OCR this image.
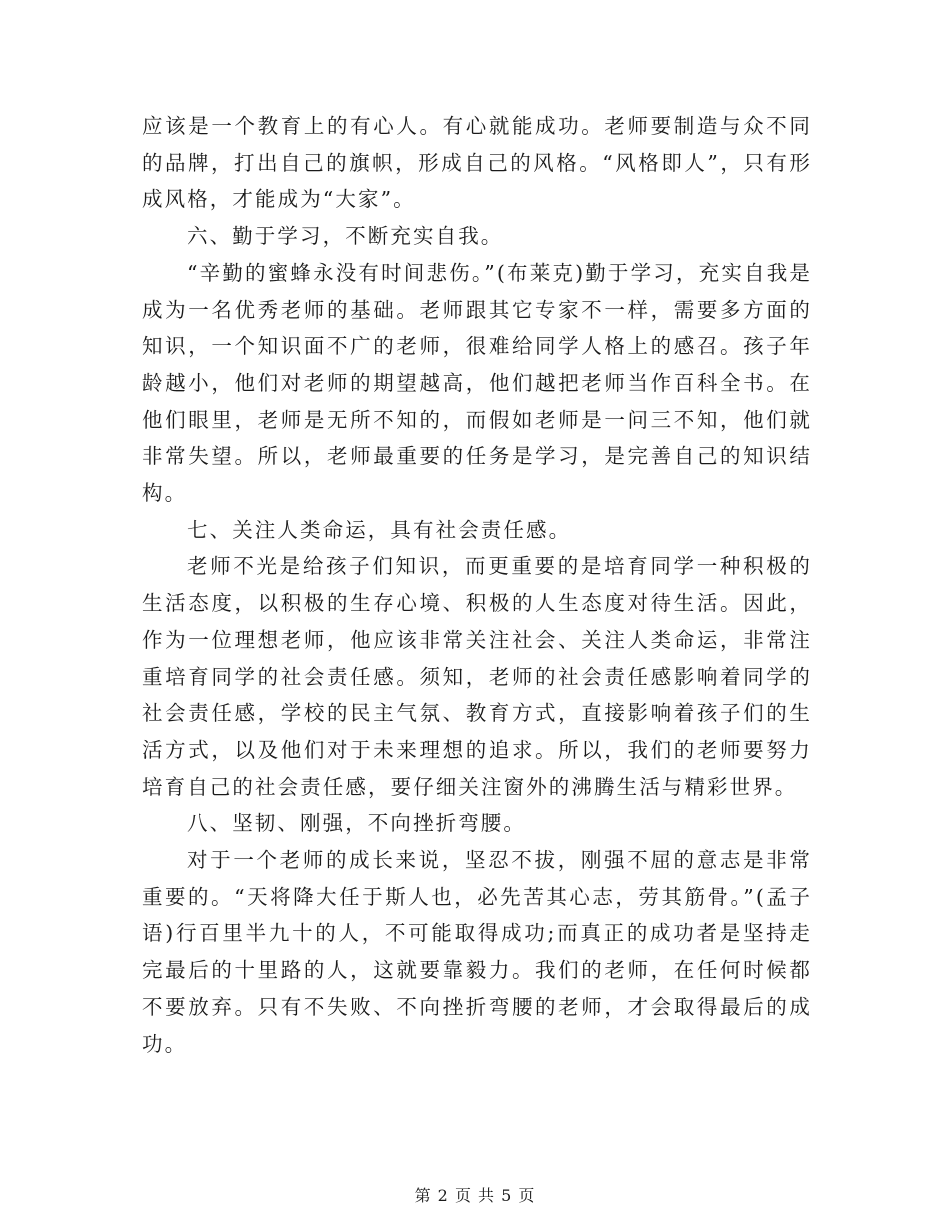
应该是一个教育上的有心人。有心就能成功。老师要制造与众不同的品牌，打出自己的旗帜，形成自己的风格。“风格即人”，只有形成风格，才能成为“大家”。

六、勤于学习，不断充实自我。

“辛勤的蜜蜂永没有时间悲伤。”(布莱克)勤于学习，充实自我是成为一名优秀老师的基础。老师跟其它专家不一样，需要多方面的知识，一个知识面不广的老师，很难给同学人格上的感召。孩子年龄越小，他们对老师的期望越高，他们越把老师当作百科全书。在他们眼里，老师是无所不知的，而假如老师是一问三不知，他们就非常失望。所以，老师最重要的任务是学习，是完善自己的知识结构。

七、关注人类命运，具有社会责任感。

老师不光是给孩子们知识，而更重要的是培育同学一种积极的生活态度，以积极的生存心境、积极的人生态度对待生活。因此，作为一位理想老师，他应该非常关注社会、关注人类命运，非常注重培育同学的社会责任感。须知，老师的社会责任感影响着同学的社会责任感，学校的民主气氛、教育方式，直接影响着孩子们的生活方式，以及他们对于未来理想的追求。所以，我们的老师要努力培育自己的社会责任感，要仔细关注窗外的沸腾生活与精彩世界。

八、坚韧、刚强，不向挫折弯腰。

对于一个老师的成长来说，坚忍不拔，刚强不屈的意志是非常重要的。“天将降大任于斯人也，必先苦其心志，劳其筋骨。”(孟子语)行百里半九十的人，不可能取得成功;而真正的成功者是坚持走完最后的十里路的人，这就要靠毅力。我们的老师，在任何时候都不要放弃。只有不失败、不向挫折弯腰的老师，才会取得最后的成功。

第 2 页 共 5 页
